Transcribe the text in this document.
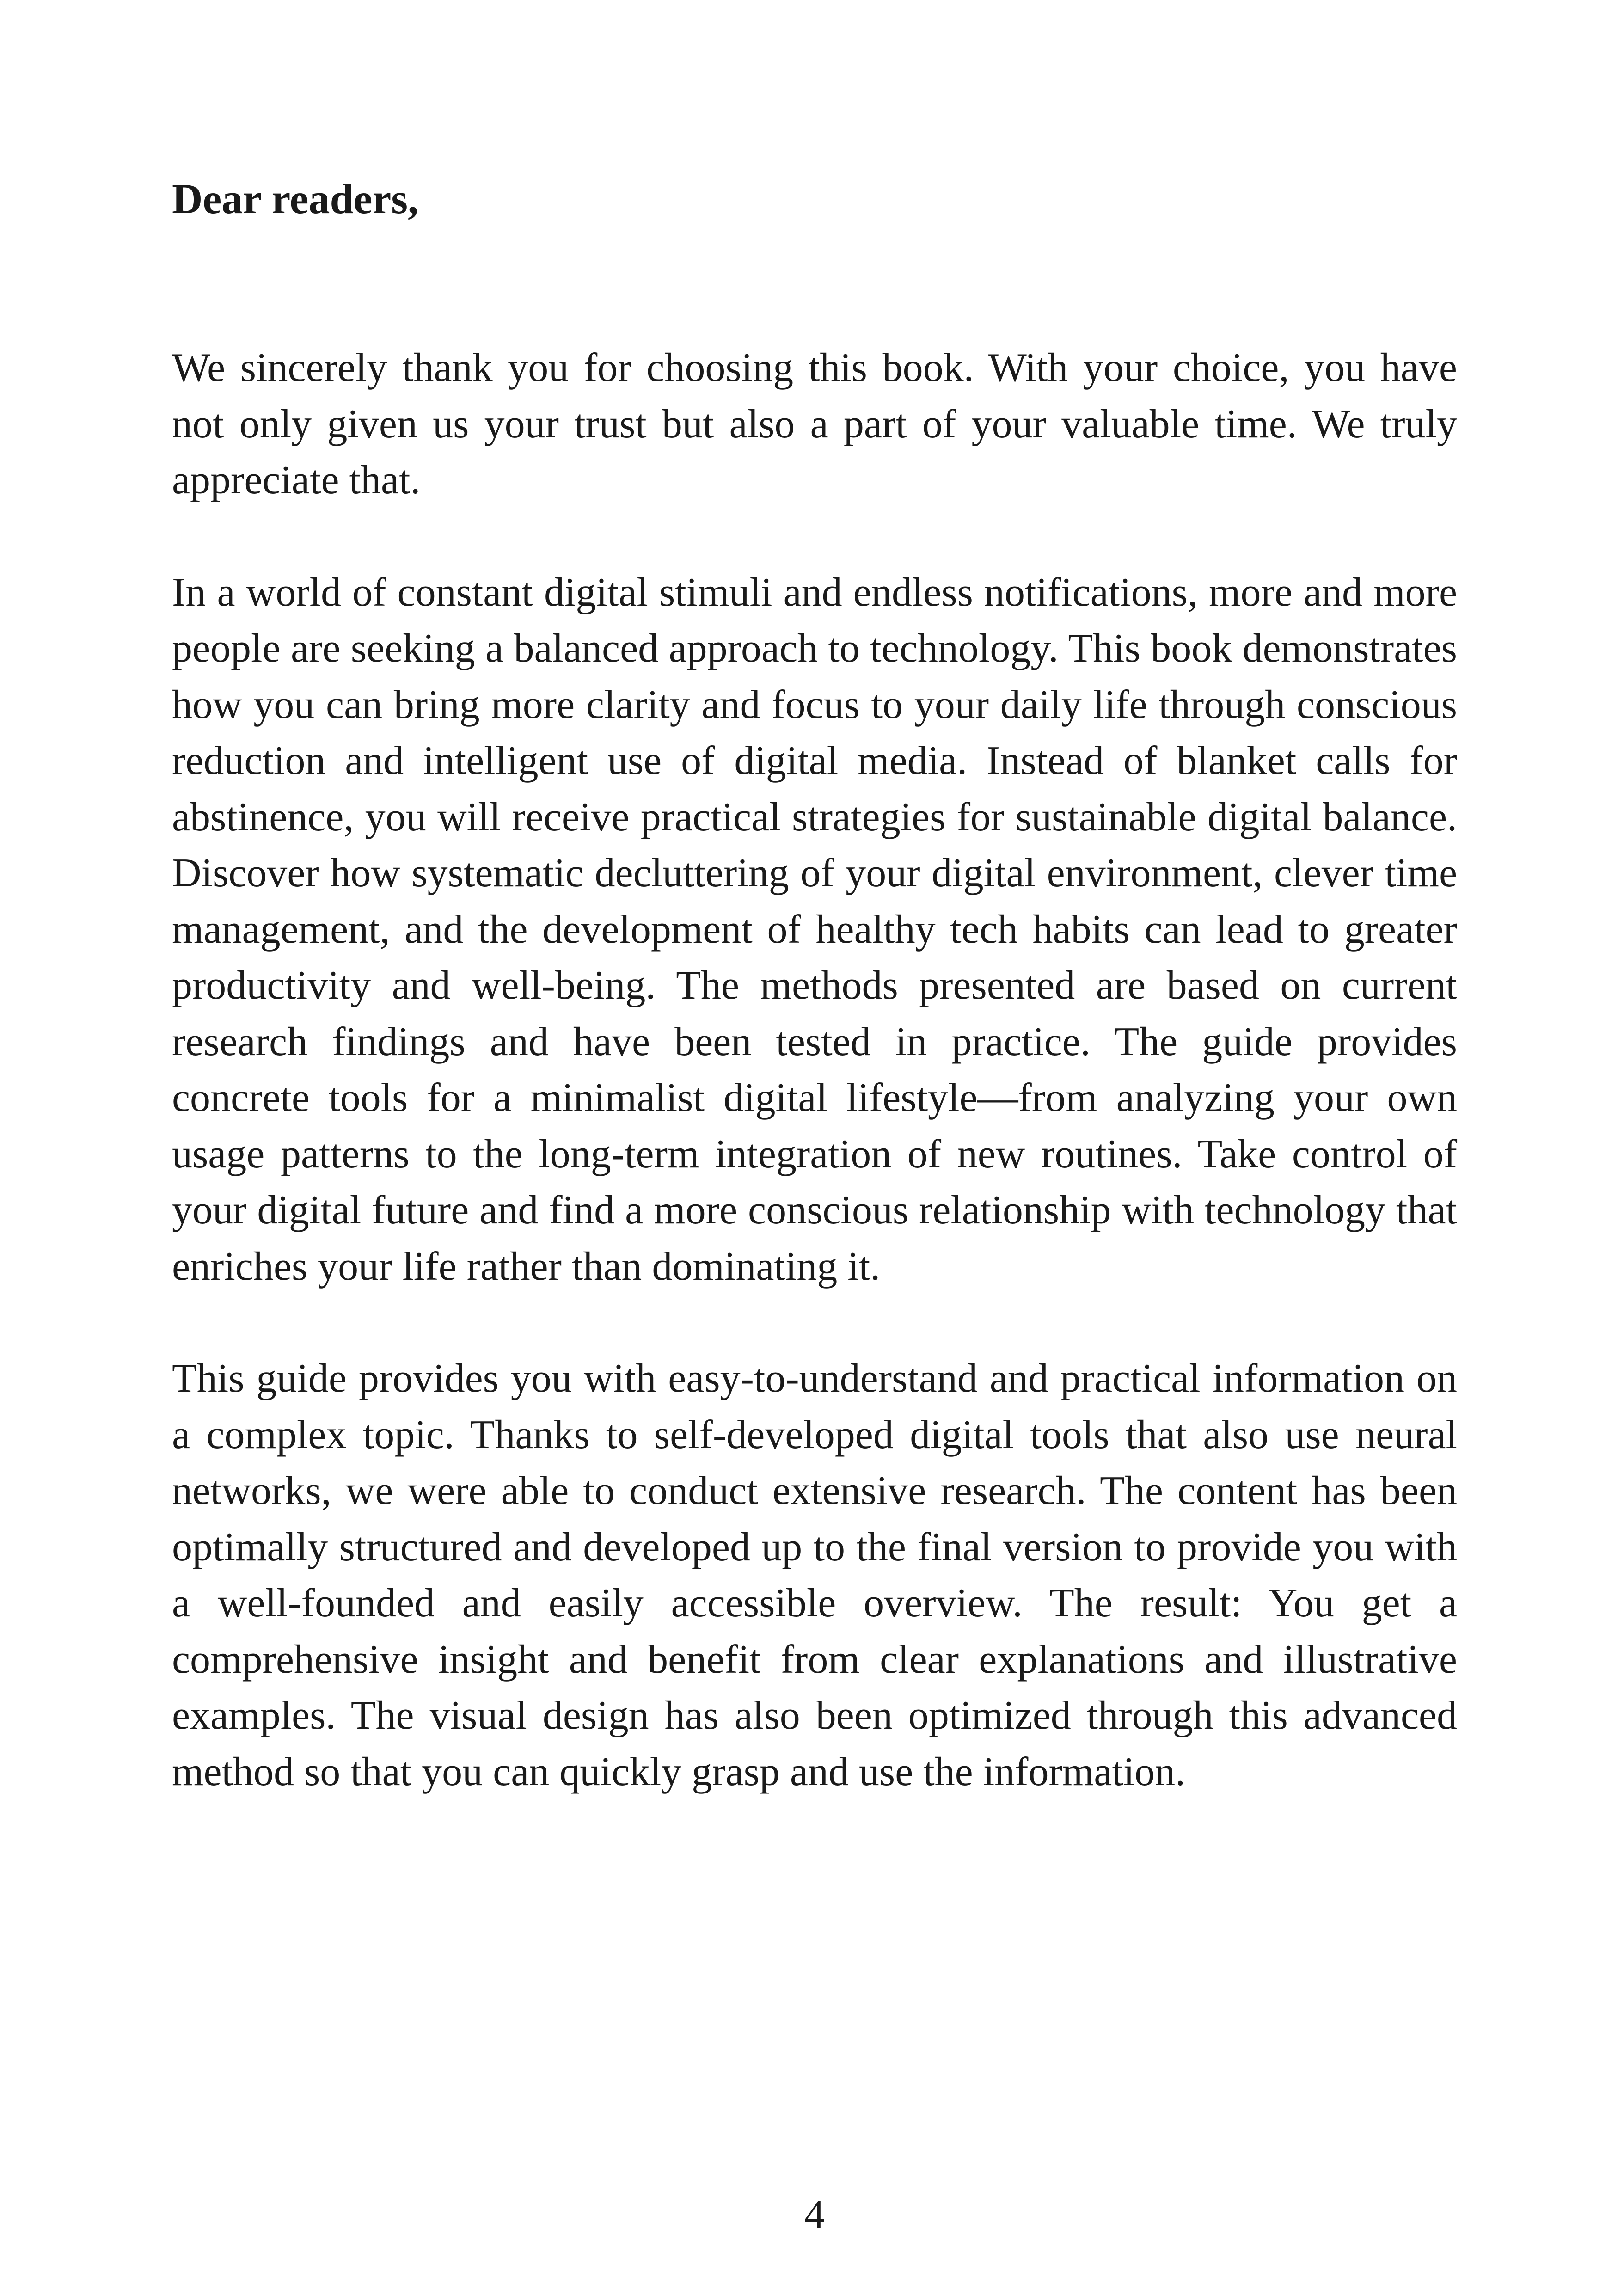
Dear readers,

We sincerely thank you for choosing this book. With your choice, you have not only given us your trust but also a part of your valuable time. We truly appreciate that.

In a world of constant digital stimuli and endless notifications, more and more people are seeking a balanced approach to technology. This book demonstrates how you can bring more clarity and focus to your daily life through conscious reduction and intelligent use of digital media. Instead of blanket calls for abstinence, you will receive practical strategies for sustainable digital balance. Discover how systematic decluttering of your digital environment, clever time management, and the development of healthy tech habits can lead to greater productivity and well-being. The methods presented are based on current research findings and have been tested in practice. The guide provides concrete tools for a minimalist digital lifestyle—from analyzing your own usage patterns to the long-term integration of new routines. Take control of your digital future and find a more conscious relationship with technology that enriches your life rather than dominating it.

This guide provides you with easy-to-understand and practical information on a complex topic. Thanks to self-developed digital tools that also use neural networks, we were able to conduct extensive research. The content has been optimally structured and developed up to the final version to provide you with a well-founded and easily accessible overview. The result: You get a comprehensive insight and benefit from clear explanations and illustrative examples. The visual design has also been optimized through this advanced method so that you can quickly grasp and use the information.

4
